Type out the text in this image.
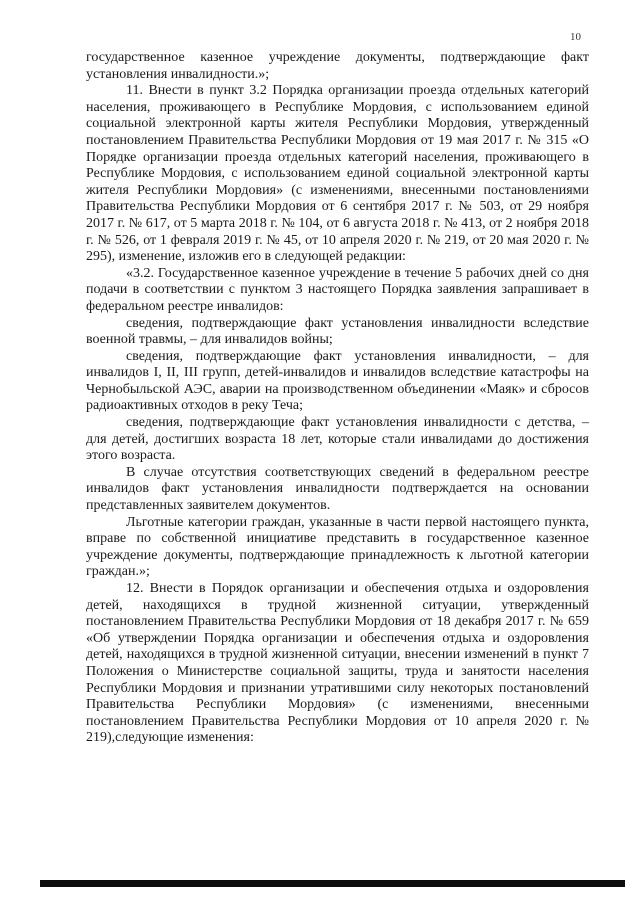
10

государственное казенное учреждение документы, подтверждающие факт установления инвалидности.»;

11. Внести в пункт 3.2 Порядка организации проезда отдельных категорий населения, проживающего в Республике Мордовия, с использованием единой социальной электронной карты жителя Республики Мордовия, утвержденный постановлением Правительства Республики Мордовия от 19 мая 2017 г. № 315 «О Порядке организации проезда отдельных категорий населения, проживающего в Республике Мордовия, с использованием единой социальной электронной карты жителя Республики Мордовия» (с изменениями, внесенными постановлениями Правительства Республики Мордовия от 6 сентября 2017 г. № 503, от 29 ноября 2017 г. № 617, от 5 марта 2018 г. № 104, от 6 августа 2018 г. № 413, от 2 ноября 2018 г. № 526, от 1 февраля 2019 г. № 45, от 10 апреля 2020 г. № 219, от 20 мая 2020 г. № 295), изменение, изложив его в следующей редакции:

«3.2. Государственное казенное учреждение в течение 5 рабочих дней со дня подачи в соответствии с пунктом 3 настоящего Порядка заявления запрашивает в федеральном реестре инвалидов:

сведения, подтверждающие факт установления инвалидности вследствие военной травмы, – для инвалидов войны;

сведения, подтверждающие факт установления инвалидности, – для инвалидов I, II, III групп, детей-инвалидов и инвалидов вследствие катастрофы на Чернобыльской АЭС, аварии на производственном объединении «Маяк» и сбросов радиоактивных отходов в реку Теча;

сведения, подтверждающие факт установления инвалидности с детства, – для детей, достигших возраста 18 лет, которые стали инвалидами до достижения этого возраста.

В случае отсутствия соответствующих сведений в федеральном реестре инвалидов факт установления инвалидности подтверждается на основании представленных заявителем документов.

Льготные категории граждан, указанные в части первой настоящего пункта, вправе по собственной инициативе представить в государственное казенное учреждение документы, подтверждающие принадлежность к льготной категории граждан.»;

12. Внести в Порядок организации и обеспечения отдыха и оздоровления детей, находящихся в трудной жизненной ситуации, утвержденный постановлением Правительства Республики Мордовия от 18 декабря 2017 г. № 659 «Об утверждении Порядка организации и обеспечения отдыха и оздоровления детей, находящихся в трудной жизненной ситуации, внесении изменений в пункт 7 Положения о Министерстве социальной защиты, труда и занятости населения Республики Мордовия и признании утратившими силу некоторых постановлений Правительства Республики Мордовия» (с изменениями, внесенными постановлением Правительства Республики Мордовия от 10 апреля 2020 г. № 219),следующие изменения:
